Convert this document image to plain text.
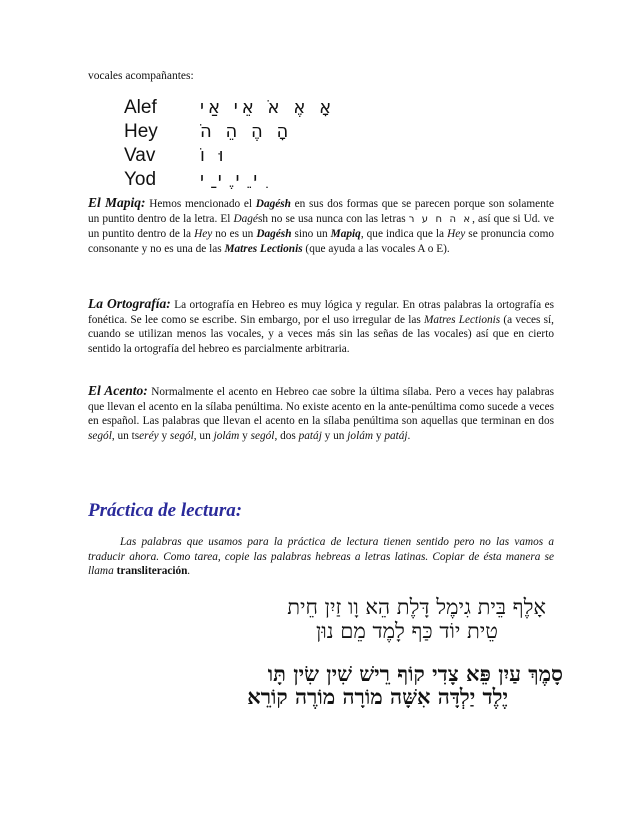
vocales acompañantes:
Alef אָ אֶ אֹ אֵי אַי
Hey הָ הֶ הֵ הֹ
Vav וּ וֹ
Yod ִי ֵי ֶי ַי

El Mapiq: Hemos mencionado el Dagésh en sus dos formas que se parecen porque son solamente un puntito dentro de la letra. El Dagésh no se usa nunca con las letras א ה ח ע ר, así que si Ud. ve un puntito dentro de la Hey no es un Dagésh sino un Mapiq, que indica que la Hey se pronuncia como consonante y no es una de las Matres Lectionis (que ayuda a las vocales A o E).

La Ortografía: La ortografía en Hebreo es muy lógica y regular. En otras palabras la ortografía es fonética. Se lee como se escribe. Sin embargo, por el uso irregular de las Matres Lectionis (a veces sí, cuando se utilizan menos las vocales, y a veces más sin las señas de las vocales) así que en cierto sentido la ortografía del hebreo es parcialmente arbitraria.

El Acento: Normalmente el acento en Hebreo cae sobre la última sílaba. Pero a veces hay palabras que llevan el acento en la sílaba penúltima. No existe acento en la ante-penúltima como sucede a veces en español. Las palabras que llevan el acento en la sílaba penúltima son aquellas que terminan en dos segól, un tseréy y segól, un jolám y segól, dos patáj y un jolám y patáj.

Práctica de lectura:

Las palabras que usamos para la práctica de lectura tienen sentido pero no las vamos a traducir ahora. Como tarea, copie las palabras hebreas a letras latinas. Copiar de ésta manera se llama transliteración.

אָלֶף בֵּית גִימֶל דָּלֶת הֵא וָו זַיִן חֵית
טֵית יוֹד כַּף לָמֶד מֵם נוּן
סָמֶךְ עַיִן פֵּא צָדִי קוֹף רֵישׁ שִׁין שִׂין תָּו
יֶלֶד יַלְדָּה אִשָּׁה מוֹרָה מוֹרֶה קוֹרֵא
